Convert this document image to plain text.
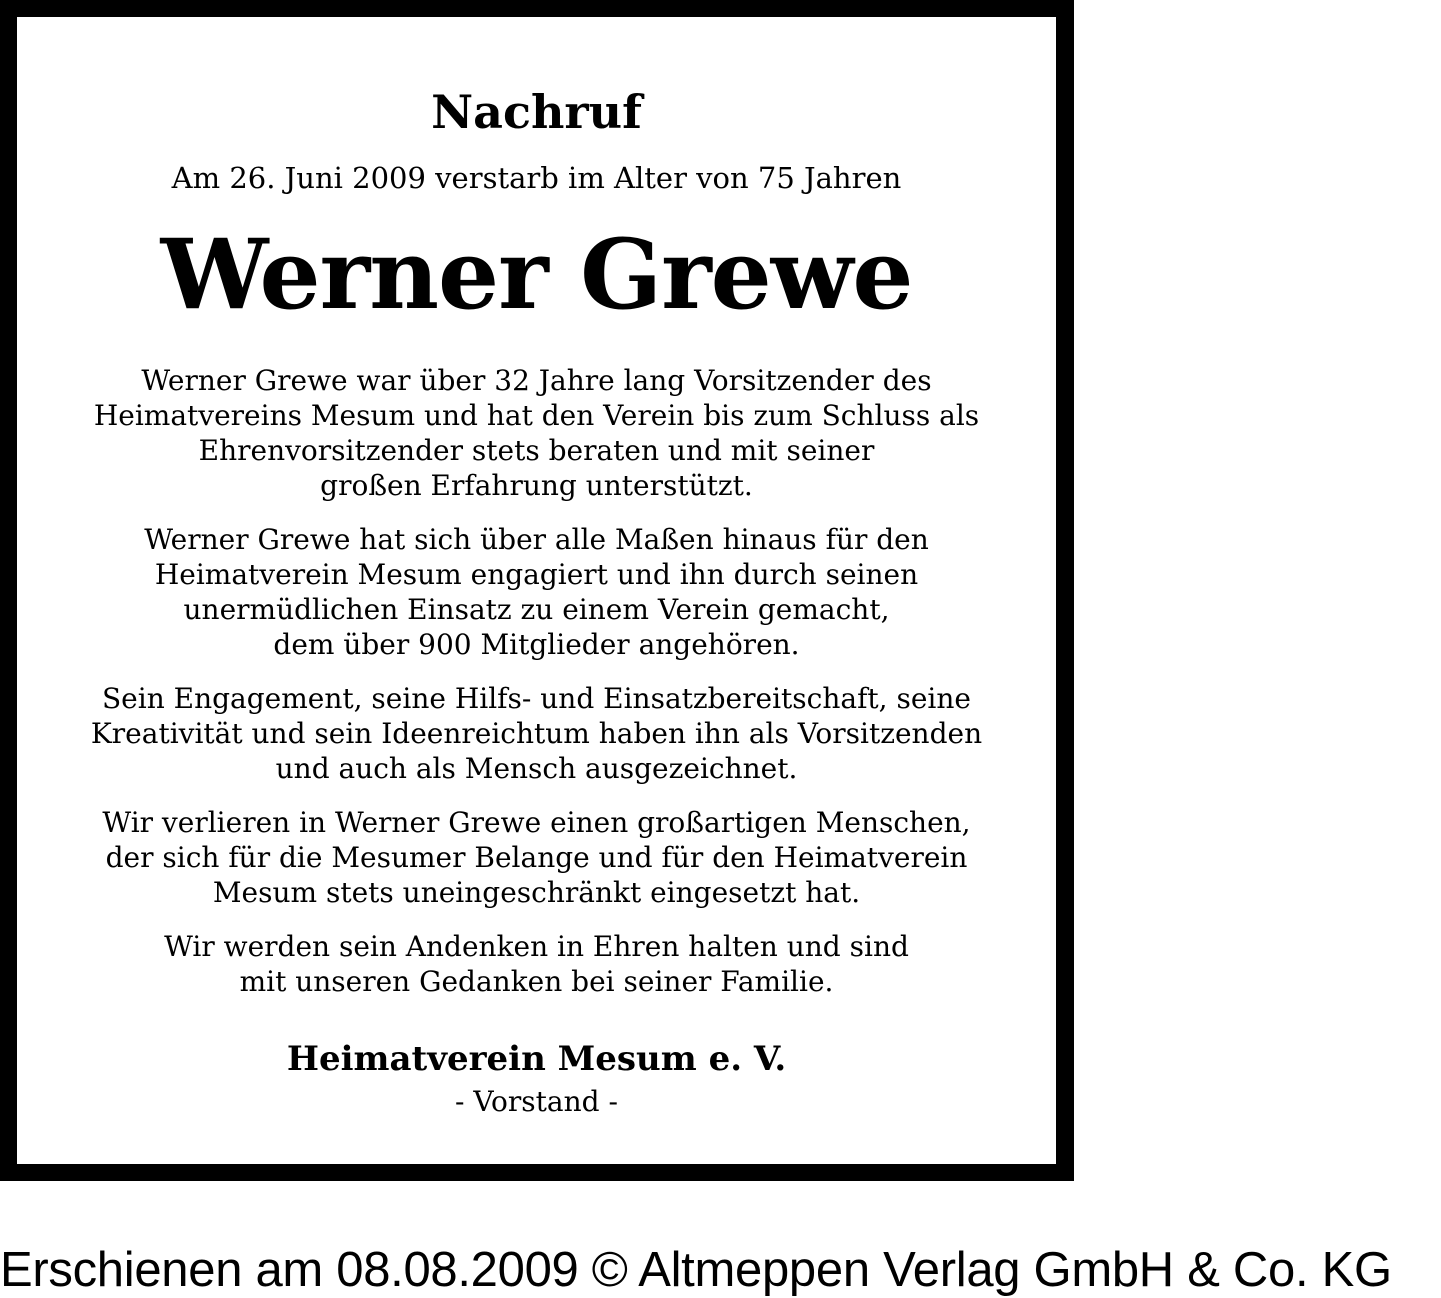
Nachruf
Am 26. Juni 2009 verstarb im Alter von 75 Jahren
Werner Grewe
Werner Grewe war über 32 Jahre lang Vorsitzender des
Heimatvereins Mesum und hat den Verein bis zum Schluss als
Ehrenvorsitzender stets beraten und mit seiner
großen Erfahrung unterstützt.
Werner Grewe hat sich über alle Maßen hinaus für den
Heimatverein Mesum engagiert und ihn durch seinen
unermüdlichen Einsatz zu einem Verein gemacht,
dem über 900 Mitglieder angehören.
Sein Engagement, seine Hilfs- und Einsatzbereitschaft, seine
Kreativität und sein Ideenreichtum haben ihn als Vorsitzenden
und auch als Mensch ausgezeichnet.
Wir verlieren in Werner Grewe einen großartigen Menschen,
der sich für die Mesumer Belange und für den Heimatverein
Mesum stets uneingeschränkt eingesetzt hat.
Wir werden sein Andenken in Ehren halten und sind
mit unseren Gedanken bei seiner Familie.
Heimatverein Mesum e. V.
- Vorstand -
Erschienen am 08.08.2009 © Altmeppen Verlag GmbH & Co. KG
